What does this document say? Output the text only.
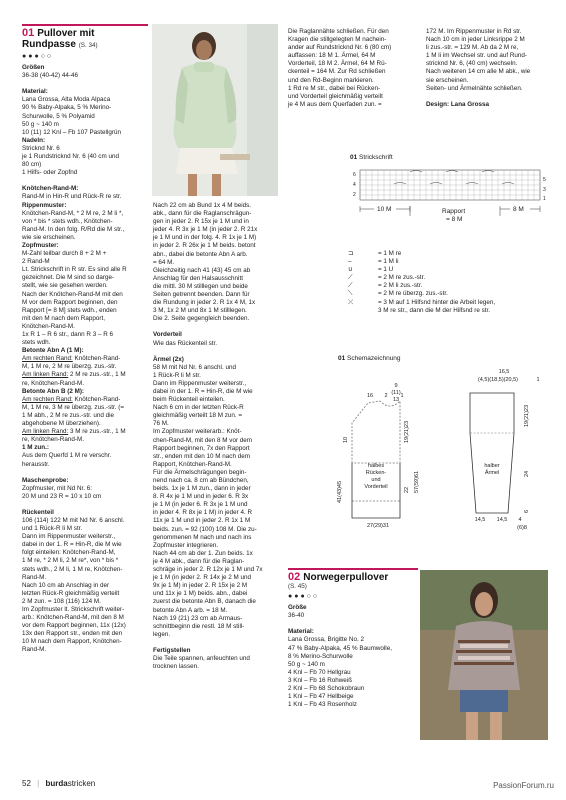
01 Pullover mit
Rundpasse (S. 34)
●●●○○

Größen

36-38 (40-42) 44-46

Material:

Lana Grossa, Alta Moda Alpaca

90 % Baby-Alpaka, 5 % Merino-

Schurwolle, 5 % Polyamid

50 g ~ 140 m

10 (11) 12 Knl – Fb 107 Pastellgrün

Nadeln:

Stricknd Nr. 6

je 1 Rundstricknd Nr. 6 (40 cm und

80 cm)

1 Hilfs- oder Zopfnd

Knötchen-Rand-M:

Rand-M in Hin-R und Rück-R re str.

Rippenmuster:

Knötchen-Rand-M, * 2 M re, 2 M li *,

von * bis * stets wdh., Knötchen-

Rand-M. In den folg. R/Rd die M str.,

wie sie erscheinen.

Zopfmuster:

M-Zahl teilbar durch 8 + 2 M +

2 Rand-M

Lt. Strickschrift in R str. Es sind alle R

gezeichnet. Die M sind so darge-

stellt, wie sie gesehen werden.

Nach der Knötchen-Rand-M mit den

M vor dem Rapport beginnen, den

Rapport [= 8 M] stets wdh., enden

mit den M nach dem Rapport,

Knötchen-Rand-M.

1x R 1 – R 6 str., dann R 3 – R 6

stets wdh.

Betonte Abn A (1 M):

Am rechten Rand: Knötchen-Rand-

M, 1 M re, 2 M re überzg. zus.-str.

Am linken Rand: 2 M re zus.-str., 1 M

re, Knötchen-Rand-M.

Betonte Abn B (2 M):

Am rechten Rand: Knötchen-Rand-

M, 1 M re, 3 M re überzg. zus.-str. (=

1 M abh., 2 M re zus.-str. und die

abgehobene M überziehen).

Am linken Rand: 3 M re zus.-str., 1 M

re, Knötchen-Rand-M.

1 M zun.:

Aus dem Querfd 1 M re verschr.

herausstr.

Maschenprobe:

Zopfmuster, mit Nd Nr. 6:

20 M und 23 R = 10 x 10 cm

Rückenteil

106 (114) 122 M mit Nd Nr. 6 anschl.

und 1 Rück-R li M str.

Dann im Rippenmuster weiterstr.,

dabei in der 1. R = Hin-R, die M wie

folgt einteilen: Knötchen-Rand-M,

1 M re, * 2 M li, 2 M re*, von * bis *

stets wdh., 2 M li, 1 M re, Knötchen-

Rand-M.

Nach 10 cm ab Anschlag in der

letzten Rück-R gleichmäßig verteilt

2 M zun. = 108 (116) 124 M.

Im Zopfmuster lt. Strickschrift weiter-

arb.: Knötchen-Rand-M, mit den 8 M

vor dem Rapport beginnen, 11x (12x)

13x den Rapport str., enden mit den

10 M nach dem Rapport, Knötchen-

Rand-M.

Nach 22 cm ab Bund 1x 4 M beids.

abk., dann für die Raglanschrägun-

gen in jeder 2. R 15x je 1 M und in

jeder 4. R 3x je 1 M (in jeder 2. R 21x

je 1 M und in der folg. 4. R 1x je 1 M)

in jeder 2. R 26x je 1 M beids. betont

abn., dabei die betonte Abn A arb.

= 64 M.

Gleichzeitig nach 41 (43) 45 cm ab

Anschlag für den Halsausschnitt

die mittl. 30 M stilllegen und beide

Seiten getrennt beenden. Dann für

die Rundung in jeder 2. R 1x 4 M, 1x

3 M, 1x 2 M und 8x 1 M stilllegen.

Die 2. Seite gegengleich beenden.

Vorderteil

Wie das Rückenteil str.

Ärmel (2x)

58 M mit Nd Nr. 6 anschl. und

1 Rück-R li M str.

Dann im Rippenmuster weiterstr.,

dabei in der 1. R = Hin-R, die M wie

beim Rückenteil einteilen.

Nach 6 cm in der letzten Rück-R

gleichmäßig verteilt 18 M zun. =

76 M.

Im Zopfmuster weiterarb.: Knöt-

chen-Rand-M, mit den 8 M vor dem

Rapport beginnen, 7x den Rapport

str., enden mit den 10 M nach dem

Rapport, Knötchen-Rand-M.

Für die Ärmelschrägungen begin-

nend nach ca. 8 cm ab Bündchen,

beids. 1x je 1 M zun., dann in jeder

8. R 4x je 1 M und in jeder 6. R 3x

je 1 M (in jeder 6. R 3x je 1 M und

in jeder 4. R 8x je 1 M) in jeder 4. R

11x je 1 M und in jeder 2. R 1x 1 M

beids. zun. = 92 (100) 108 M. Die zu-

genommenen M nach und nach ins

Zopfmuster integrieren.

Nach 44 cm ab der 1. Zun beids. 1x

je 4 M abk., dann für die Raglan-

schräge in jeder 2. R 12x je 1 M und 7x

je 1 M (in jeder 2. R 14x je 2 M und

9x je 1 M) in jeder 2. R 15x je 2 M

und 11x je 1 M) beids. abn., dabei

zuerst die betonte Abn B, danach die

betonte Abn A arb. = 18 M.

Nach 19 (21) 23 cm ab Armaus-

schnittbeginn die restl. 18 M still-

legen.

Fertigstellen

Die Teile spannen, anfeuchten und

trocknen lassen.

Die Raglannähte schließen. Für den

Kragen die stillgelegten M nachein-

ander auf Rundstricknd Nr. 6 (80 cm)

auffassen: 18 M 1. Ärmel, 64 M

Vorderteil, 18 M 2. Ärmel, 64 M Rü-

ckenteil = 164 M. Zur Rd schließen

und den Rd-Beginn markieren.

1 Rd re M str., dabei bei Rücken-

und Vorderteil gleichmäßig verteilt

je 4 M aus dem Querfaden zun. =

172 M. Im Rippenmuster in Rd str.

Nach 10 cm in jeder Linksrippe 2 M

li zus.-str. = 129 M. Ab da 2 M re,

1 M li im Wechsel str. und auf Rund-

stricknd Nr. 6, (40 cm) wechseln.

Nach weiteren 14 cm alle M abk., wie

sie erscheinen.

Seiten- und Ärmelnähte schließen.

Design: Lana Grossa

01 Strickschrift
6
4
2
5
3
1
10 M	Rapport
= 8 M
8 M
⊐	= 1 M re
–	= 1 M li
∪	= 1 U
⟋	= 2 M re zus.-str.
⟋	= 2 M li zus.-str.
⟍	= 2 M re überzg. zus.-str.
⤫	= 3 M auf 1 Hilfsnd hinter die Arbeit legen,
3 M re str., dann die M der Hilfsnd re str.
01 Schemazeichnung
halbes
Rücken-
und
Vorderteil
9
(11)
13
16 2 1
27(29)31
10
41(43)45
19(21)23
22 57(59)61
halber
Ärmel
16,5
(4,5)(18,5)(20,5)	1
14,5 14,5 4
(6)8
19(21)23
24
6
02 Norwegerpullover
(S. 45)
●●●○○

Größe

36-40

Material:

Lana Grossa, Brigitte No. 2

47 % Baby-Alpaka, 45 % Baumwolle,

8 % Merino-Schurwolle

50 g ~ 140 m

4 Knl – Fb 70 Hellgrau

3 Knl – Fb 16 Rohweiß

2 Knl – Fb 68 Schokobraun

1 Knl – Fb 47 Hellbeige

1 Knl – Fb 43 Rosenholz

52 | burdastricken	PassionForum.ru
